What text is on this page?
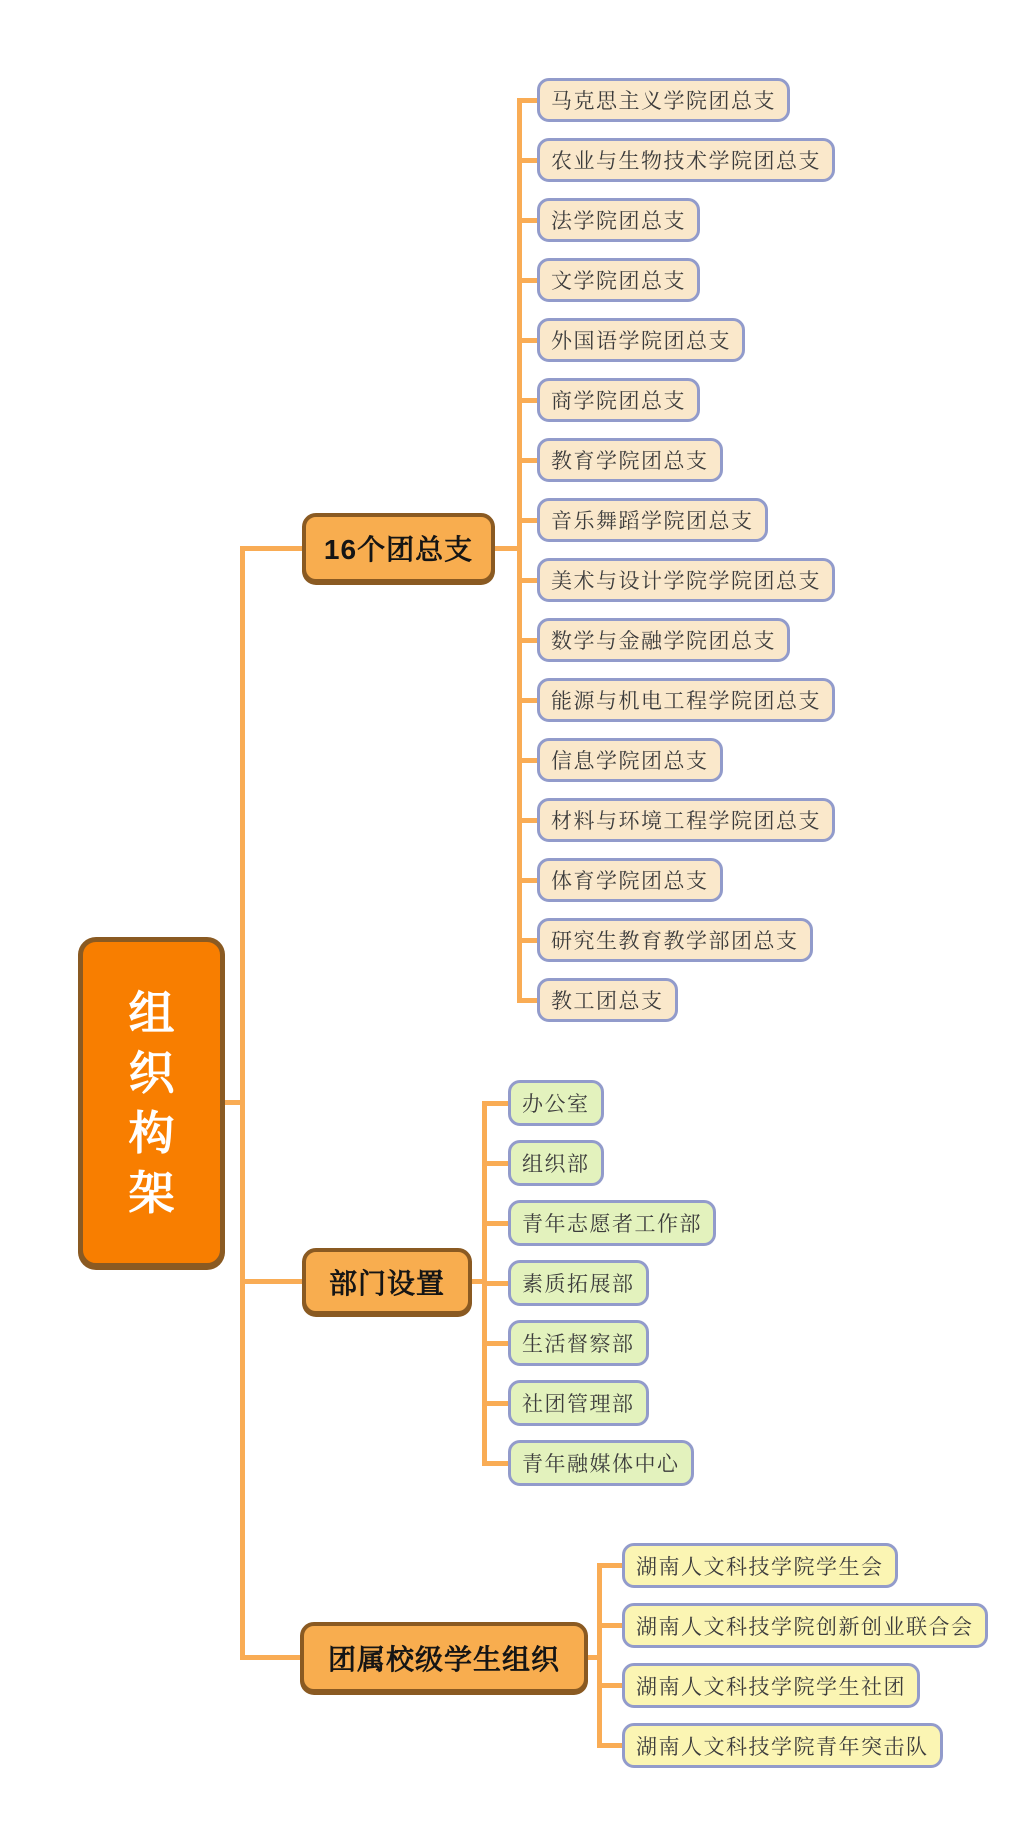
组织构架
16个团总支
部门设置
团属校级学生组织
马克思主义学院团总支
农业与生物技术学院团总支
法学院团总支
文学院团总支
外国语学院团总支
商学院团总支
教育学院团总支
音乐舞蹈学院团总支
美术与设计学院学院团总支
数学与金融学院团总支
能源与机电工程学院团总支
信息学院团总支
材料与环境工程学院团总支
体育学院团总支
研究生教育教学部团总支
教工团总支
办公室
组织部
青年志愿者工作部
素质拓展部
生活督察部
社团管理部
青年融媒体中心
湖南人文科技学院学生会
湖南人文科技学院创新创业联合会
湖南人文科技学院学生社团
湖南人文科技学院青年突击队
